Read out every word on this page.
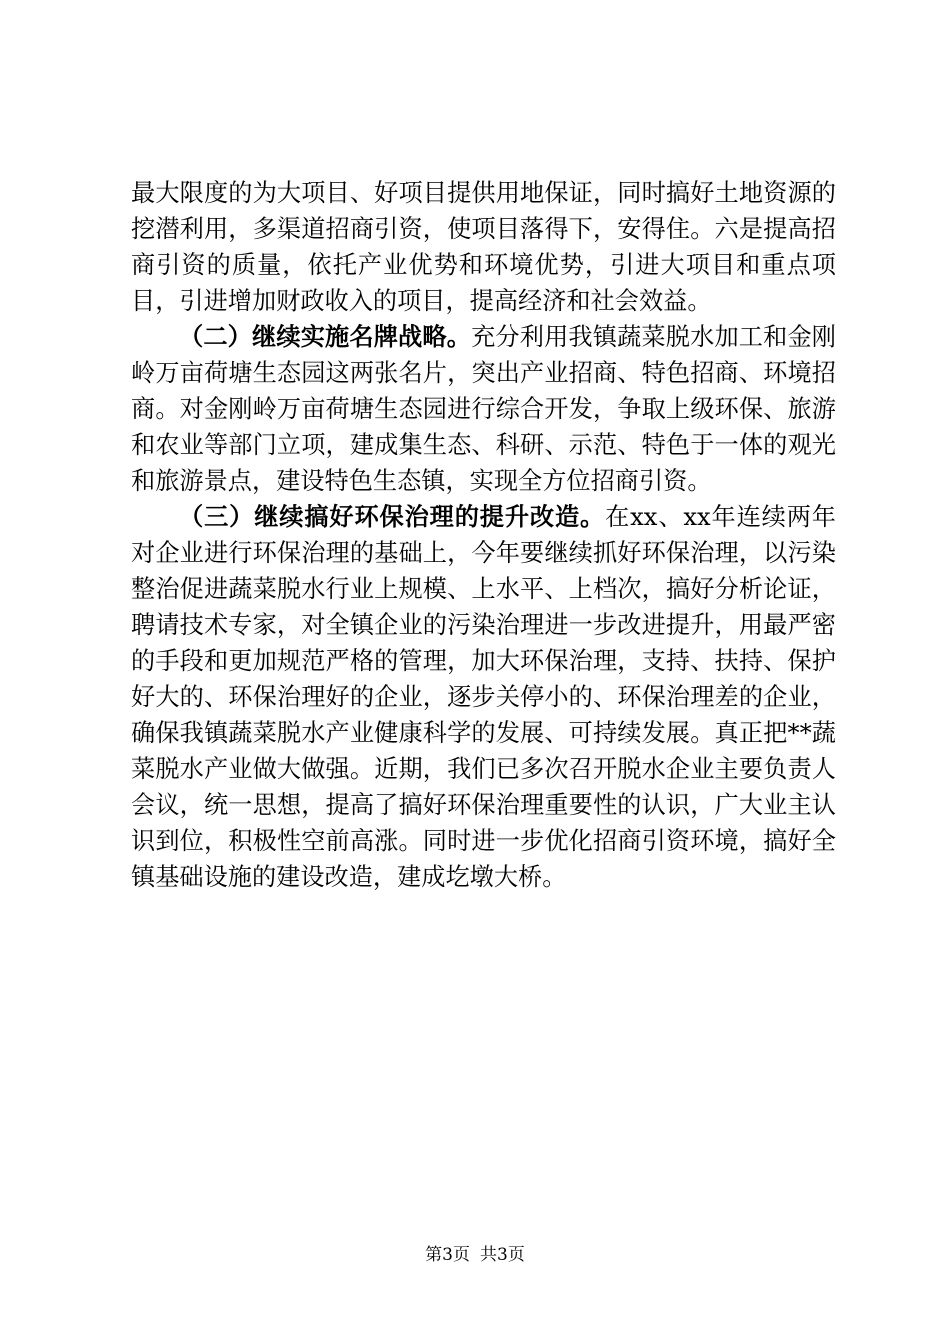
最大限度的为大项目、好项目提供用地保证，同时搞好土地资源的挖潜利用，多渠道招商引资，使项目落得下，安得住。六是提高招商引资的质量，依托产业优势和环境优势，引进大项目和重点项目，引进增加财政收入的项目，提高经济和社会效益。

（二）继续实施名牌战略。充分利用我镇蔬菜脱水加工和金刚岭万亩荷塘生态园这两张名片，突出产业招商、特色招商、环境招商。对金刚岭万亩荷塘生态园进行综合开发，争取上级环保、旅游和农业等部门立项，建成集生态、科研、示范、特色于一体的观光和旅游景点，建设特色生态镇，实现全方位招商引资。

（三）继续搞好环保治理的提升改造。在xx、xx年连续两年对企业进行环保治理的基础上，今年要继续抓好环保治理，以污染整治促进蔬菜脱水行业上规模、上水平、上档次，搞好分析论证，聘请技术专家，对全镇企业的污染治理进一步改进提升，用最严密的手段和更加规范严格的管理，加大环保治理，支持、扶持、保护好大的、环保治理好的企业，逐步关停小的、环保治理差的企业，确保我镇蔬菜脱水产业健康科学的发展、可持续发展。真正把**蔬菜脱水产业做大做强。近期，我们已多次召开脱水企业主要负责人会议，统一思想，提高了搞好环保治理重要性的认识，广大业主认识到位，积极性空前高涨。同时进一步优化招商引资环境，搞好全镇基础设施的建设改造，建成圪墩大桥。

第3页 共3页
